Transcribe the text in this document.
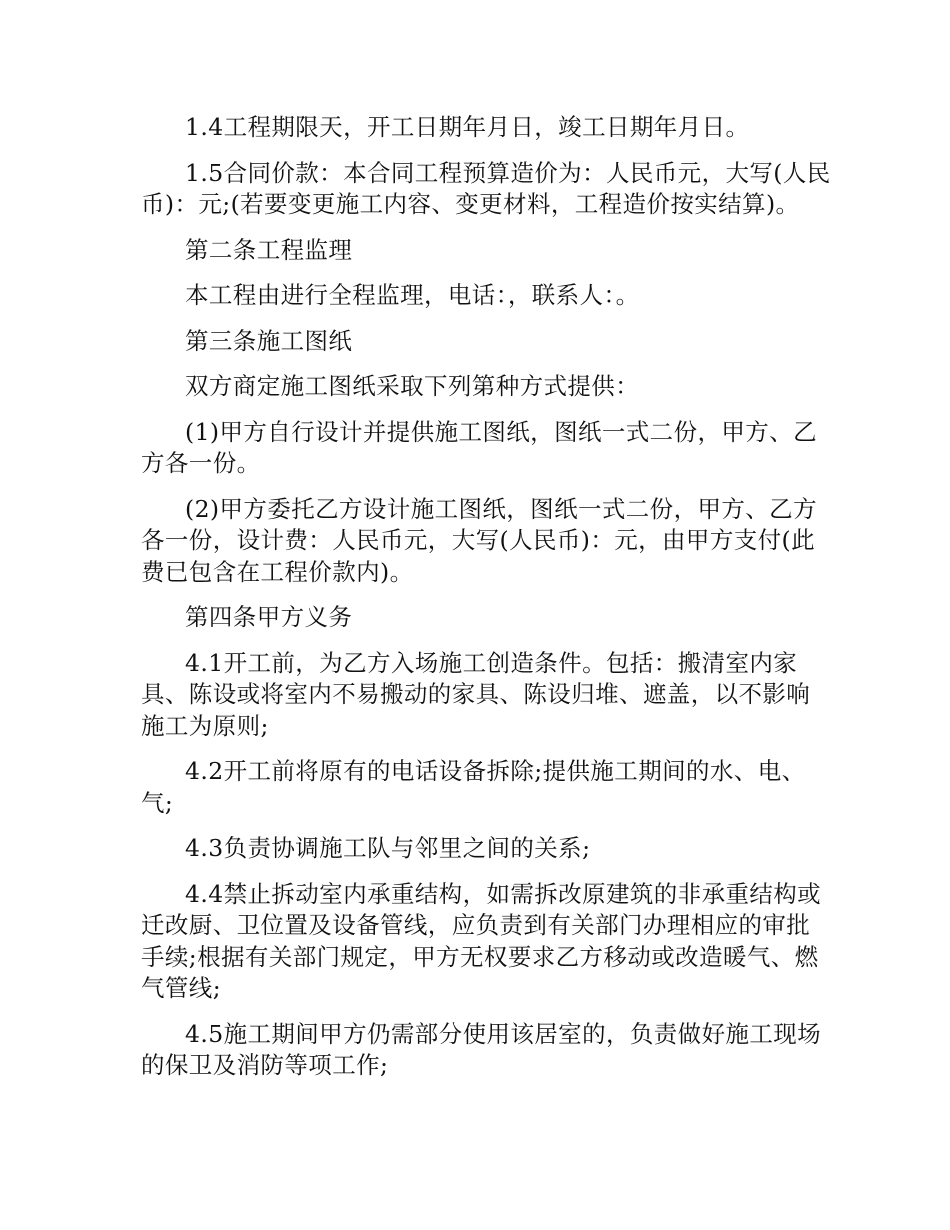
1.4工程期限天，开工日期年月日，竣工日期年月日。

1.5合同价款：本合同工程预算造价为：人民币元，大写(人民币)：元;(若要变更施工内容、变更材料，工程造价按实结算)。

第二条工程监理

本工程由进行全程监理，电话：，联系人：。

第三条施工图纸

双方商定施工图纸采取下列第种方式提供：

(1)甲方自行设计并提供施工图纸，图纸一式二份，甲方、乙方各一份。

(2)甲方委托乙方设计施工图纸，图纸一式二份，甲方、乙方各一份，设计费：人民币元，大写(人民币)：元，由甲方支付(此费已包含在工程价款内)。

第四条甲方义务

4.1开工前，为乙方入场施工创造条件。包括：搬清室内家具、陈设或将室内不易搬动的家具、陈设归堆、遮盖，以不影响施工为原则;

4.2开工前将原有的电话设备拆除;提供施工期间的水、电、气;

4.3负责协调施工队与邻里之间的关系;

4.4禁止拆动室内承重结构，如需拆改原建筑的非承重结构或迁改厨、卫位置及设备管线，应负责到有关部门办理相应的审批手续;根据有关部门规定，甲方无权要求乙方移动或改造暖气、燃气管线;

4.5施工期间甲方仍需部分使用该居室的，负责做好施工现场的保卫及消防等项工作;
